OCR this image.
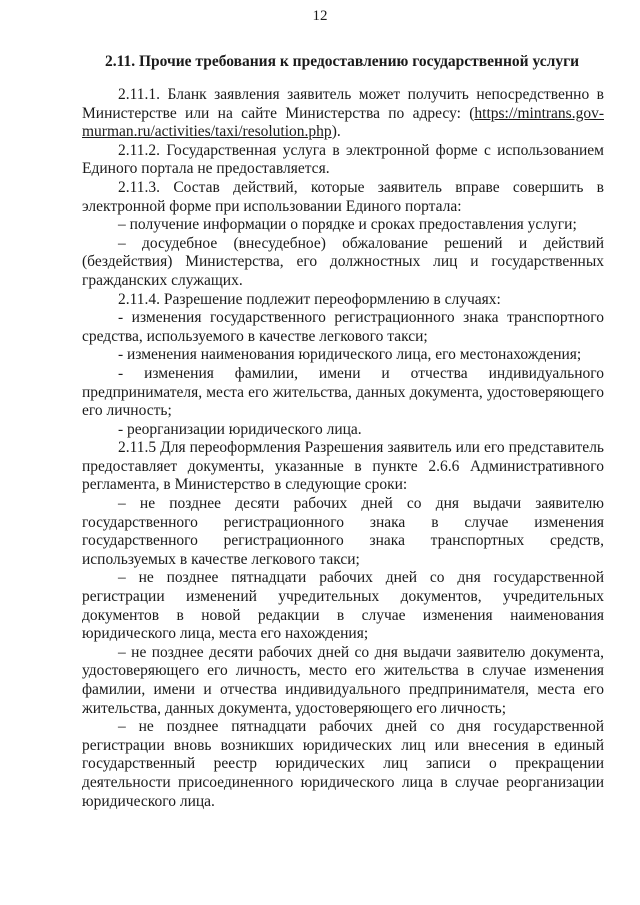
12
2.11. Прочие требования к предоставлению государственной услуги

2.11.1. Бланк заявления заявитель может получить непосредственно в Министерстве или на сайте Министерства по адресу: (https://mintrans.gov-murman.ru/activities/taxi/resolution.php).

2.11.2. Государственная услуга в электронной форме с использованием Единого портала не предоставляется.

2.11.3. Состав действий, которые заявитель вправе совершить в электронной форме при использовании Единого портала:

– получение информации о порядке и сроках предоставления услуги;

– досудебное (внесудебное) обжалование решений и действий (бездействия) Министерства, его должностных лиц и государственных гражданских служащих.

2.11.4. Разрешение подлежит переоформлению в случаях:

- изменения государственного регистрационного знака транспортного средства, используемого в качестве легкового такси;

- изменения наименования юридического лица, его местонахождения;

- изменения фамилии, имени и отчества индивидуального предпринимателя, места его жительства, данных документа, удостоверяющего его личность;

- реорганизации юридического лица.

2.11.5 Для переоформления Разрешения заявитель или его представитель предоставляет документы, указанные в пункте 2.6.6 Административного регламента, в Министерство в следующие сроки:

– не позднее десяти рабочих дней со дня выдачи заявителю государственного регистрационного знака в случае изменения государственного регистрационного знака транспортных средств, используемых в качестве легкового такси;

– не позднее пятнадцати рабочих дней со дня государственной регистрации изменений учредительных документов, учредительных документов в новой редакции в случае изменения наименования юридического лица, места его нахождения;

– не позднее десяти рабочих дней со дня выдачи заявителю документа, удостоверяющего его личность, место его жительства в случае изменения фамилии, имени и отчества индивидуального предпринимателя, места его жительства, данных документа, удостоверяющего его личность;

– не позднее пятнадцати рабочих дней со дня государственной регистрации вновь возникших юридических лиц или внесения в единый государственный реестр юридических лиц записи о прекращении деятельности присоединенного юридического лица в случае реорганизации юридического лица.
